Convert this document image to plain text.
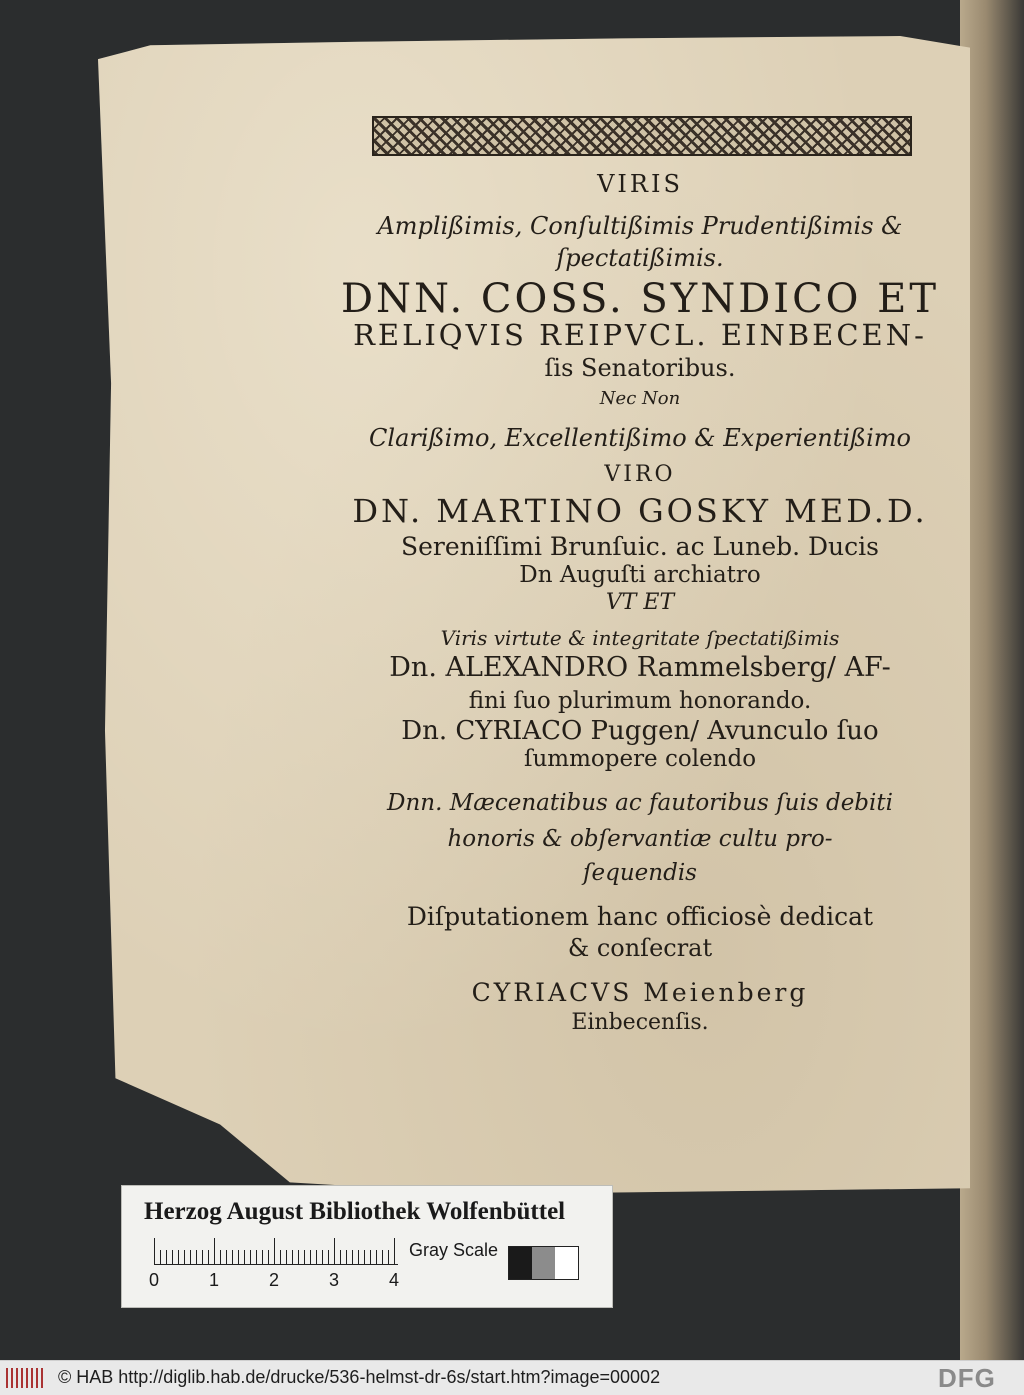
VIRIS

Amplißimis, Conſultißimis Prudentißimis &

ſpectatißimis.

DNN. COSS. SYNDICO ET

RELIQVIS REIPVCL. EINBECEN-

ſis Senatoribus.

Nec Non

Clarißimo, Excellentißimo & Experientißimo

VIRO

DN. MARTINO GOSKY MED.D.

Sereniſſimi Brunſuic. ac Luneb. Ducis

Dn Auguſti archiatro

VT ET

Viris virtute & integritate ſpectatißimis

Dn. ALEXANDRO Rammelsberg/ AF-

fini ſuo plurimum honorando.

Dn. CYRIACO Puggen/ Avunculo ſuo

ſummopere colendo

Dnn. Mæcenatibus ac fautoribus ſuis debiti

honoris & obſervantiæ cultu pro-

ſequendis

Diſputationem hanc officiosè dedicat

& conſecrat

CYRIACVS Meienberg

Einbecenſis.

Herzog August Bibliothek Wolfenbüttel

0	1	2	3	4

Gray Scale

© HAB http://diglib.hab.de/drucke/536-helmst-dr-6s/start.htm?image=00002	DFG
